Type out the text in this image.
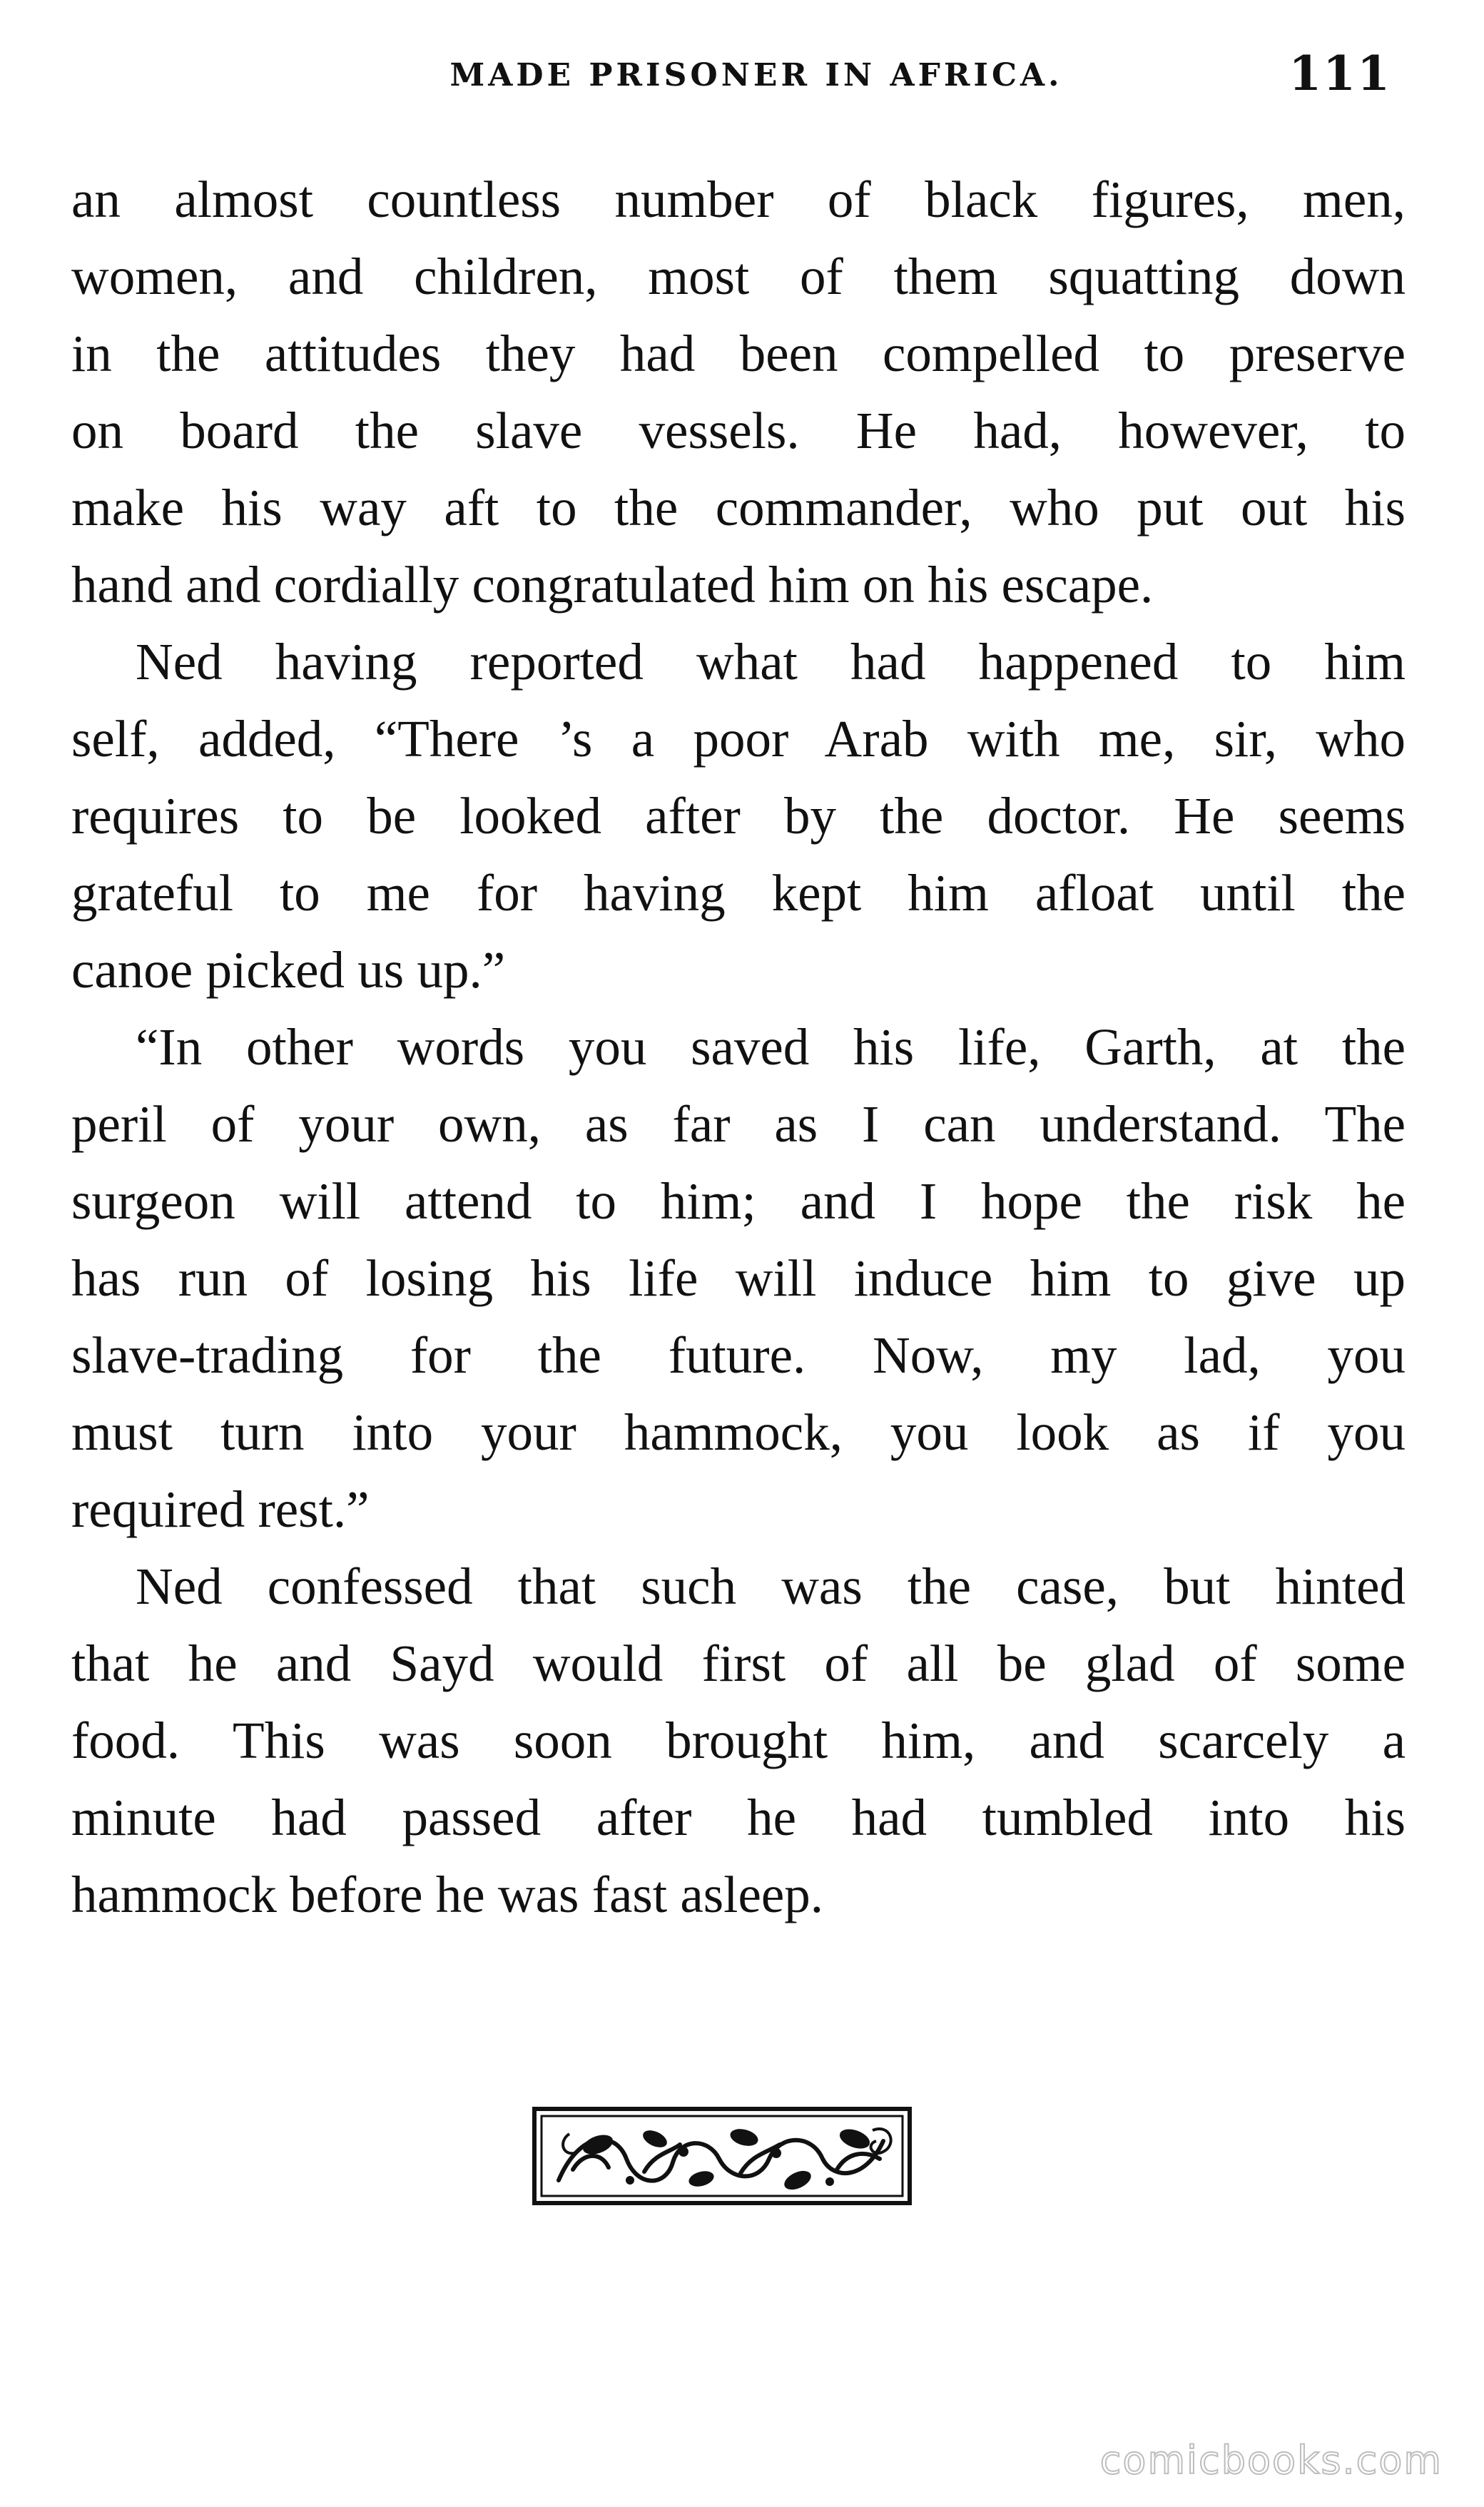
MADE PRISONER IN AFRICA.	111
an almost countless number of black figures, men,
women, and children, most of them squatting down
in the attitudes they had been compelled to preserve
on board the slave vessels. He had, however, to
make his way aft to the commander, who put out his
hand and cordially congratulated him on his escape.
Ned having reported what had happened to him
self, added, “There ’s a poor Arab with me, sir, who
requires to be looked after by the doctor. He seems
grateful to me for having kept him afloat until the
canoe picked us up.”
“In other words you saved his life, Garth, at the
peril of your own, as far as I can understand. The
surgeon will attend to him; and I hope the risk he
has run of losing his life will induce him to give up
slave-trading for the future. Now, my lad, you
must turn into your hammock, you look as if you
required rest.”
Ned confessed that such was the case, but hinted
that he and Sayd would first of all be glad of some
food. This was soon brought him, and scarcely a
minute had passed after he had tumbled into his
hammock before he was fast asleep.
comicbooks.com
